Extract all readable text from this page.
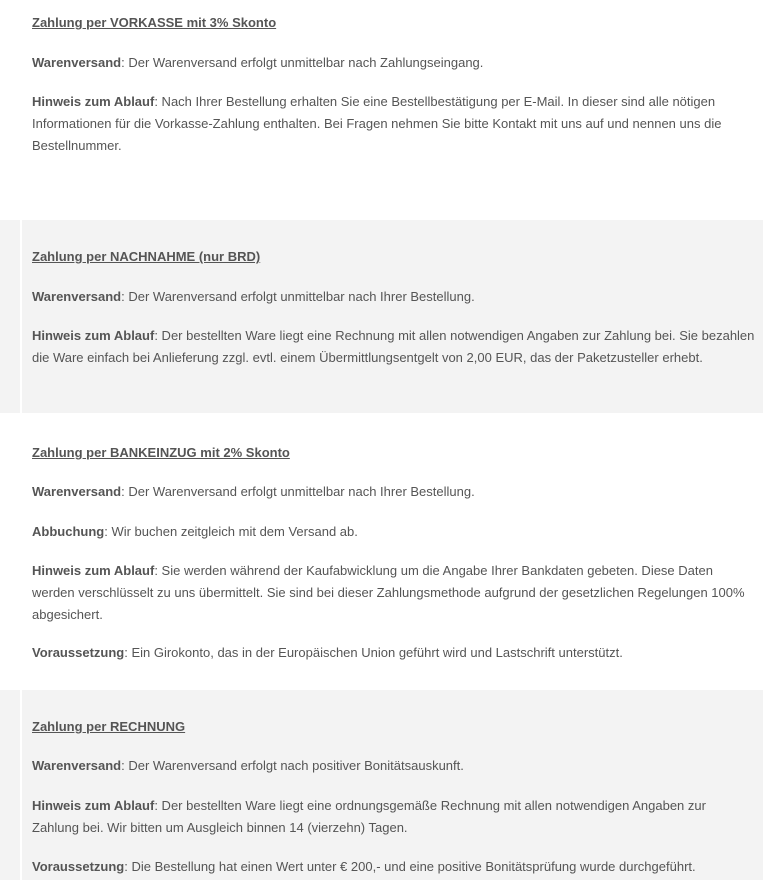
Zahlung per VORKASSE mit 3% Skonto

Warenversand: Der Warenversand erfolgt unmittelbar nach Zahlungseingang.

Hinweis zum Ablauf: Nach Ihrer Bestellung erhalten Sie eine Bestellbestätigung per E-Mail. In dieser sind alle nötigen Informationen für die Vorkasse-Zahlung enthalten. Bei Fragen nehmen Sie bitte Kontakt mit uns auf und nennen uns die Bestellnummer.

Zahlung per NACHNAHME (nur BRD)

Warenversand: Der Warenversand erfolgt unmittelbar nach Ihrer Bestellung.

Hinweis zum Ablauf: Der bestellten Ware liegt eine Rechnung mit allen notwendigen Angaben zur Zahlung bei. Sie bezahlen die Ware einfach bei Anlieferung zzgl. evtl. einem Übermittlungsentgelt von 2,00 EUR, das der Paketzusteller erhebt.

Zahlung per BANKEINZUG mit 2% Skonto

Warenversand: Der Warenversand erfolgt unmittelbar nach Ihrer Bestellung.

Abbuchung: Wir buchen zeitgleich mit dem Versand ab.

Hinweis zum Ablauf: Sie werden während der Kaufabwicklung um die Angabe Ihrer Bankdaten gebeten. Diese Daten werden verschlüsselt zu uns übermittelt. Sie sind bei dieser Zahlungsmethode aufgrund der gesetzlichen Regelungen 100% abgesichert.

Voraussetzung: Ein Girokonto, das in der Europäischen Union geführt wird und Lastschrift unterstützt.

Zahlung per RECHNUNG

Warenversand: Der Warenversand erfolgt nach positiver Bonitätsauskunft.

Hinweis zum Ablauf: Der bestellten Ware liegt eine ordnungsgemäße Rechnung mit allen notwendigen Angaben zur Zahlung bei. Wir bitten um Ausgleich binnen 14 (vierzehn) Tagen.

Voraussetzung: Die Bestellung hat einen Wert unter € 200,- und eine positive Bonitätsprüfung wurde durchgeführt.
